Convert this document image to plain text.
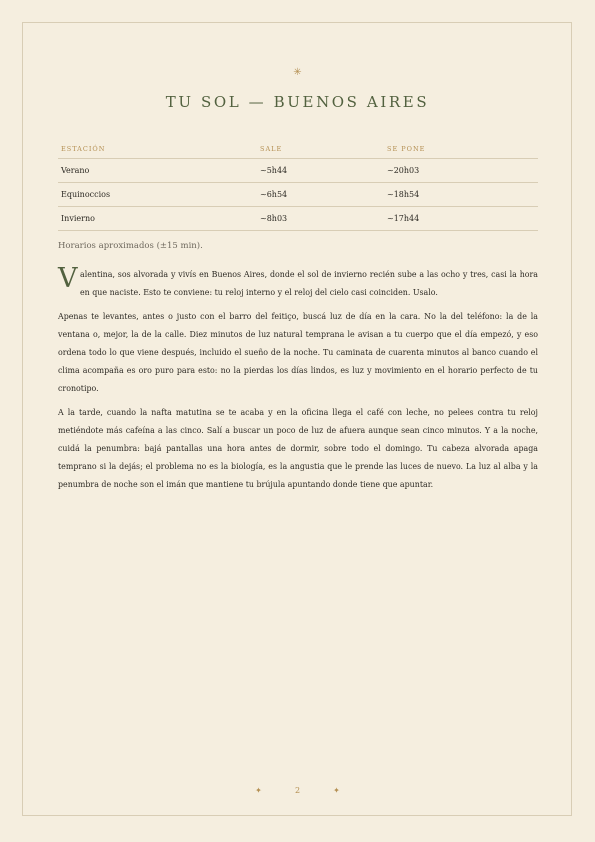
✳
TU SOL — BUENOS AIRES
ESTACIÓN	SALE	SE PONE
Verano	~5h44	~20h03
Equinoccios	~6h54	~18h54
Invierno	~8h03	~17h44

Horarios aproximados (±15 min).

V alentina, sos alvorada y vivís en Buenos Aires, donde el sol de invierno recién sube a las ocho y tres, casi la hora en que naciste. Esto te conviene: tu reloj interno y el reloj del cielo casi coinciden. Usalo.

Apenas te levantes, antes o justo con el barro del feitiço, buscá luz de día en la cara. No la del teléfono: la de la ventana o, mejor, la de la calle. Diez minutos de luz natural temprana le avisan a tu cuerpo que el día empezó, y eso ordena todo lo que viene después, incluido el sueño de la noche. Tu caminata de cuarenta minutos al banco cuando el clima acompaña es oro puro para esto: no la pierdas los días lindos, es luz y movimiento en el horario perfecto de tu cronotipo.

A la tarde, cuando la nafta matutina se te acaba y en la oficina llega el café con leche, no pelees contra tu reloj metiéndote más cafeína a las cinco. Salí a buscar un poco de luz de afuera aunque sean cinco minutos. Y a la noche, cuidá la penumbra: bajá pantallas una hora antes de dormir, sobre todo el domingo. Tu cabeza alvorada apaga temprano si la dejás; el problema no es la biología, es la angustia que le prende las luces de nuevo. La luz al alba y la penumbra de noche son el imán que mantiene tu brújula apuntando donde tiene que apuntar.

✦	2	✦
